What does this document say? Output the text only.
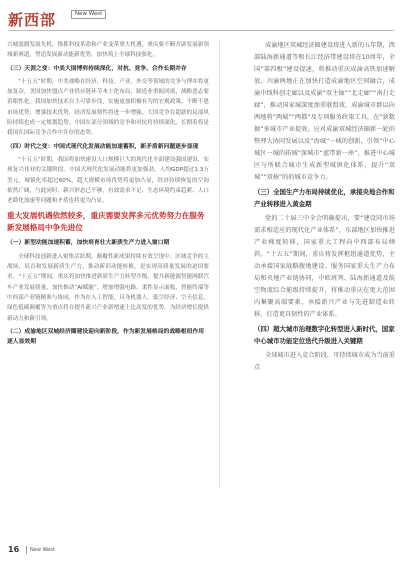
新西部	New West

兴城震撼发展先机，推抓科技革命和产业变革重大机遇，重庆要不断开辟发展新领域新赛道，塑造发展新动能新优势，加快筑上全球科技强化。

（三）天涯之变：中美大国博弈持续深化，对抗、竞争、合作长期并存

“十五五”时期，中美战略在经济、科技、产业、外交等领域的竞争与博弈将更加复杂，美国加快盟点产业供应链环节本土化布局，制造业重振回流，战略意志要着眼性化。我国加快技术自主可靠步伐，实施更加积极有为的宏观政策，不断不恩市场优势，增强技术优势，经济发展韧性将进一步增强。大国竞争在超新的局部风险持续也成一定规划趋势。中国在部分领域的竞争和对抗将持续深化，长期着将是我国在国际竞争合作中并存的态势。

（四）时代之变：中国式现代化发展动能加速蓄积，新矛盾新问题逐步显现

“十五五”时期，我国将加快建设人口规模巨大的现代化全面建设强国建设，实现复兴伟业的关键阶段。中国式现代化发展动能将更加强劲。人均GDP超过1.3万美元，城镇化率超过60%，超大规模市场优势将更加凸显，经济持续恢复的空间依然广阔，与此同时，新兴形态已不够，有效需求不足、生态环境约束趋紧、人口老龄化加速等问题和矛盾也将更为凸显。

重大发展机遇依然较多，重庆需要发挥多元优势努力在服务新发展格局中争先进位
（一）新型动能加速积蓄，加快培育壮大新质生产力进入窗口期

全球科技创新进入密集活跃期，颠覆性新成果持续有效呈现中。区域竞争的主战场，培育和发展新质生产力，推动新旧动能转换，是实现高质量发展的迫切要求。“十五五”期间，重庆将加快推进新质生产力转型升级，提升新能源智能网联汽车产业发展质量，加快推动“AI赋能”，增加增强电路、柔性显示面板、智能终端等中西部产业链精准与协同，作为在人工智能、具身机器人、低空经济、空天信息、绿色低碳颠覆等为重点将在提升新兴产业新增速上比高发的优势，为经济增长提供新动力和新引领。

（二）成渝地区双城经济圈建设迎向新阶段，作为新发展格局的战略枢纽作用逐人显效期

成渝地区双城经济圈建设将进入新的五年期，西部陆海新通道等和长江经济带建设将在10周年，全国“第四极”建设提速，将推动重庆成渝高铁加速解放。川渝两地正在加快打造成渝地区空间融合，成渝中线科创走廊以及成渝“双主轴”“北走廊”“南打走廊”，推动国家城深度加重联盟效，成渝城市群以向两地将“两城”“两都”及专项服务政策工具，在“新数据”多城市产业提效，应对成渝双城经济圈新一轮的整理大协同发展以及“海城”一城的创新，引领“中心城区一城的拓城”深城市“蓝带新一座”，推进中心城区与所联合城市生成新型城镇化体系，提升“双城”“双核”的的城市竞争力。

（三）全国生产力布局持续优化，承接央地合作和产业转移进入黄金期

党的二十届三中全会明确提出，要“建设同市场需求相适应的现代化产业体系”，东部地区加快推进产业梯度转移，国家重大工程向中西部布局倾斜。“十五五”期间，重庆将发挥枢纽通道优势，主动承接国家战略腹地建设、服务国家重大生产力布局和央地产业链协同，中欧班列、陆海新通道及航空物流综合能级持续提升，将推动重庆在更大范围内集聚高端要素，承接新兴产业与先进制造业转移，打造更具韧性的产业体系。

（四）超大城市治理数字化转型进入新时代，国家中心城市功能定位迭代升级进入关键期

全球城市进入竞合阶段，可持续城市成为当前重点

16 New West
